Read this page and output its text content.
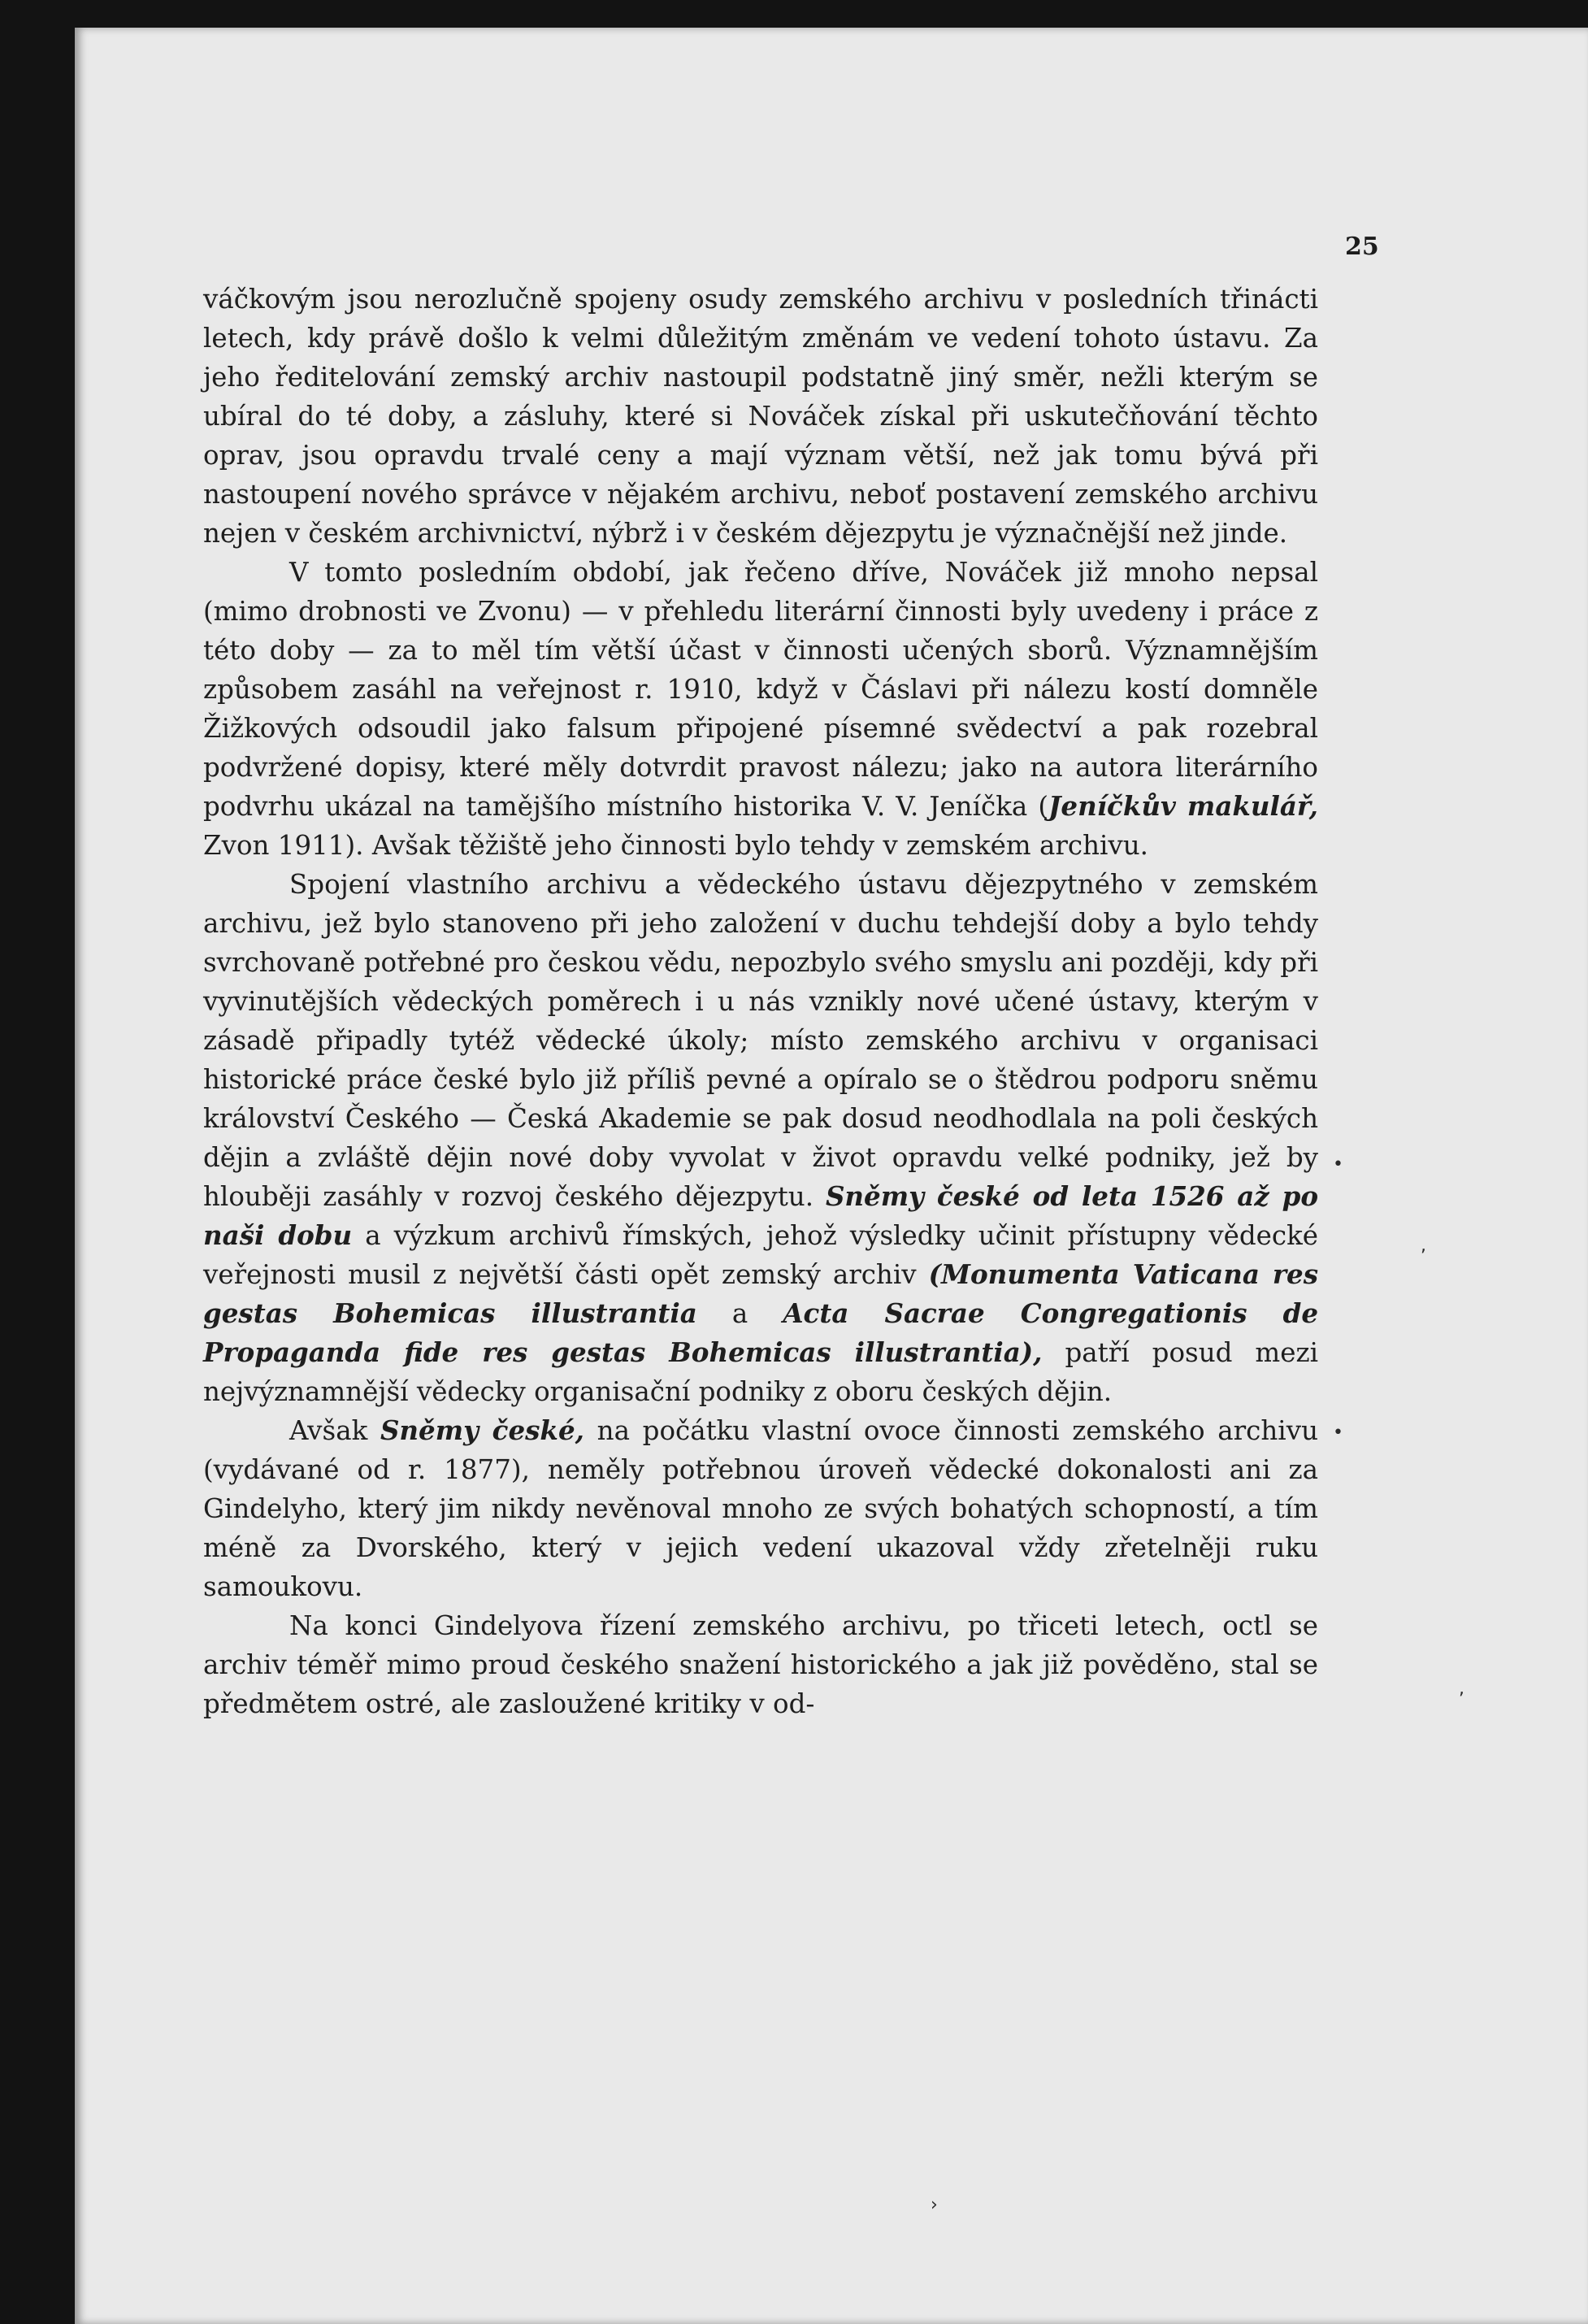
25

váčkovým jsou nerozlučně spojeny osudy zemského archivu v posledních třinácti letech, kdy právě došlo k velmi důležitým změnám ve vedení tohoto ústavu. Za jeho ředitelování zemský archiv nastoupil podstatně jiný směr, nežli kterým se ubíral do té doby, a zásluhy, které si Nováček získal při uskutečňování těchto oprav, jsou opravdu trvalé ceny a mají význam větší, než jak tomu bývá při nastoupení nového správce v nějakém archivu, neboť postavení zemského archivu nejen v českém archivnictví, nýbrž i v českém dějezpytu je význačnější než jinde.

V tomto posledním období, jak řečeno dříve, Nováček již mnoho nepsal (mimo drobnosti ve Zvonu) — v přehledu literární činnosti byly uvedeny i práce z této doby — za to měl tím větší účast v činnosti učených sborů. Významnějším způsobem zasáhl na veřejnost r. 1910, když v Čáslavi při nálezu kostí domněle Žižkových odsoudil jako falsum připojené písemné svědectví a pak rozebral podvržené dopisy, které měly dotvrdit pravost nálezu; jako na autora literárního podvrhu ukázal na tamějšího místního historika V. V. Jeníčka (Jeníčkův makulář, Zvon 1911). Avšak těžiště jeho činnosti bylo tehdy v zemském archivu.

Spojení vlastního archivu a vědeckého ústavu dějezpytného v zemském archivu, jež bylo stanoveno při jeho založení v duchu tehdejší doby a bylo tehdy svrchovaně potřebné pro českou vědu, nepozbylo svého smyslu ani později, kdy při vyvinutějších vědeckých poměrech i u nás vznikly nové učené ústavy, kterým v zásadě připadly tytéž vědecké úkoly; místo zemského archivu v organisaci historické práce české bylo již příliš pevné a opíralo se o štědrou podporu sněmu království Českého — Česká Akademie se pak dosud neodhodlala na poli českých dějin a zvláště dějin nové doby vyvolat v život opravdu velké podniky, jež by hlouběji zasáhly v rozvoj českého dějezpytu. Sněmy české od leta 1526 až po naši dobu a výzkum archivů římských, jehož výsledky učinit přístupny vědecké veřejnosti musil z největší části opět zemský archiv (Monumenta Vaticana res gestas Bohemicas illustrantia a Acta Sacrae Congregationis de Propaganda fide res gestas Bohemicas illustrantia), patří posud mezi nejvýznamnější vědecky organisační podniky z oboru českých dějin.

Avšak Sněmy české, na počátku vlastní ovoce činnosti zemského archivu (vydávané od r. 1877), neměly potřebnou úroveň vědecké dokonalosti ani za Gindelyho, který jim nikdy nevěnoval mnoho ze svých bohatých schopností, a tím méně za Dvorského, který v jejich vedení ukazoval vždy zřetelněji ruku samoukovu.

Na konci Gindelyova řízení zemského archivu, po třiceti letech, octl se archiv téměř mimo proud českého snažení historického a jak již pověděno, stal se předmětem ostré, ale zasloužené kritiky v od-

•
,
•
,
›
